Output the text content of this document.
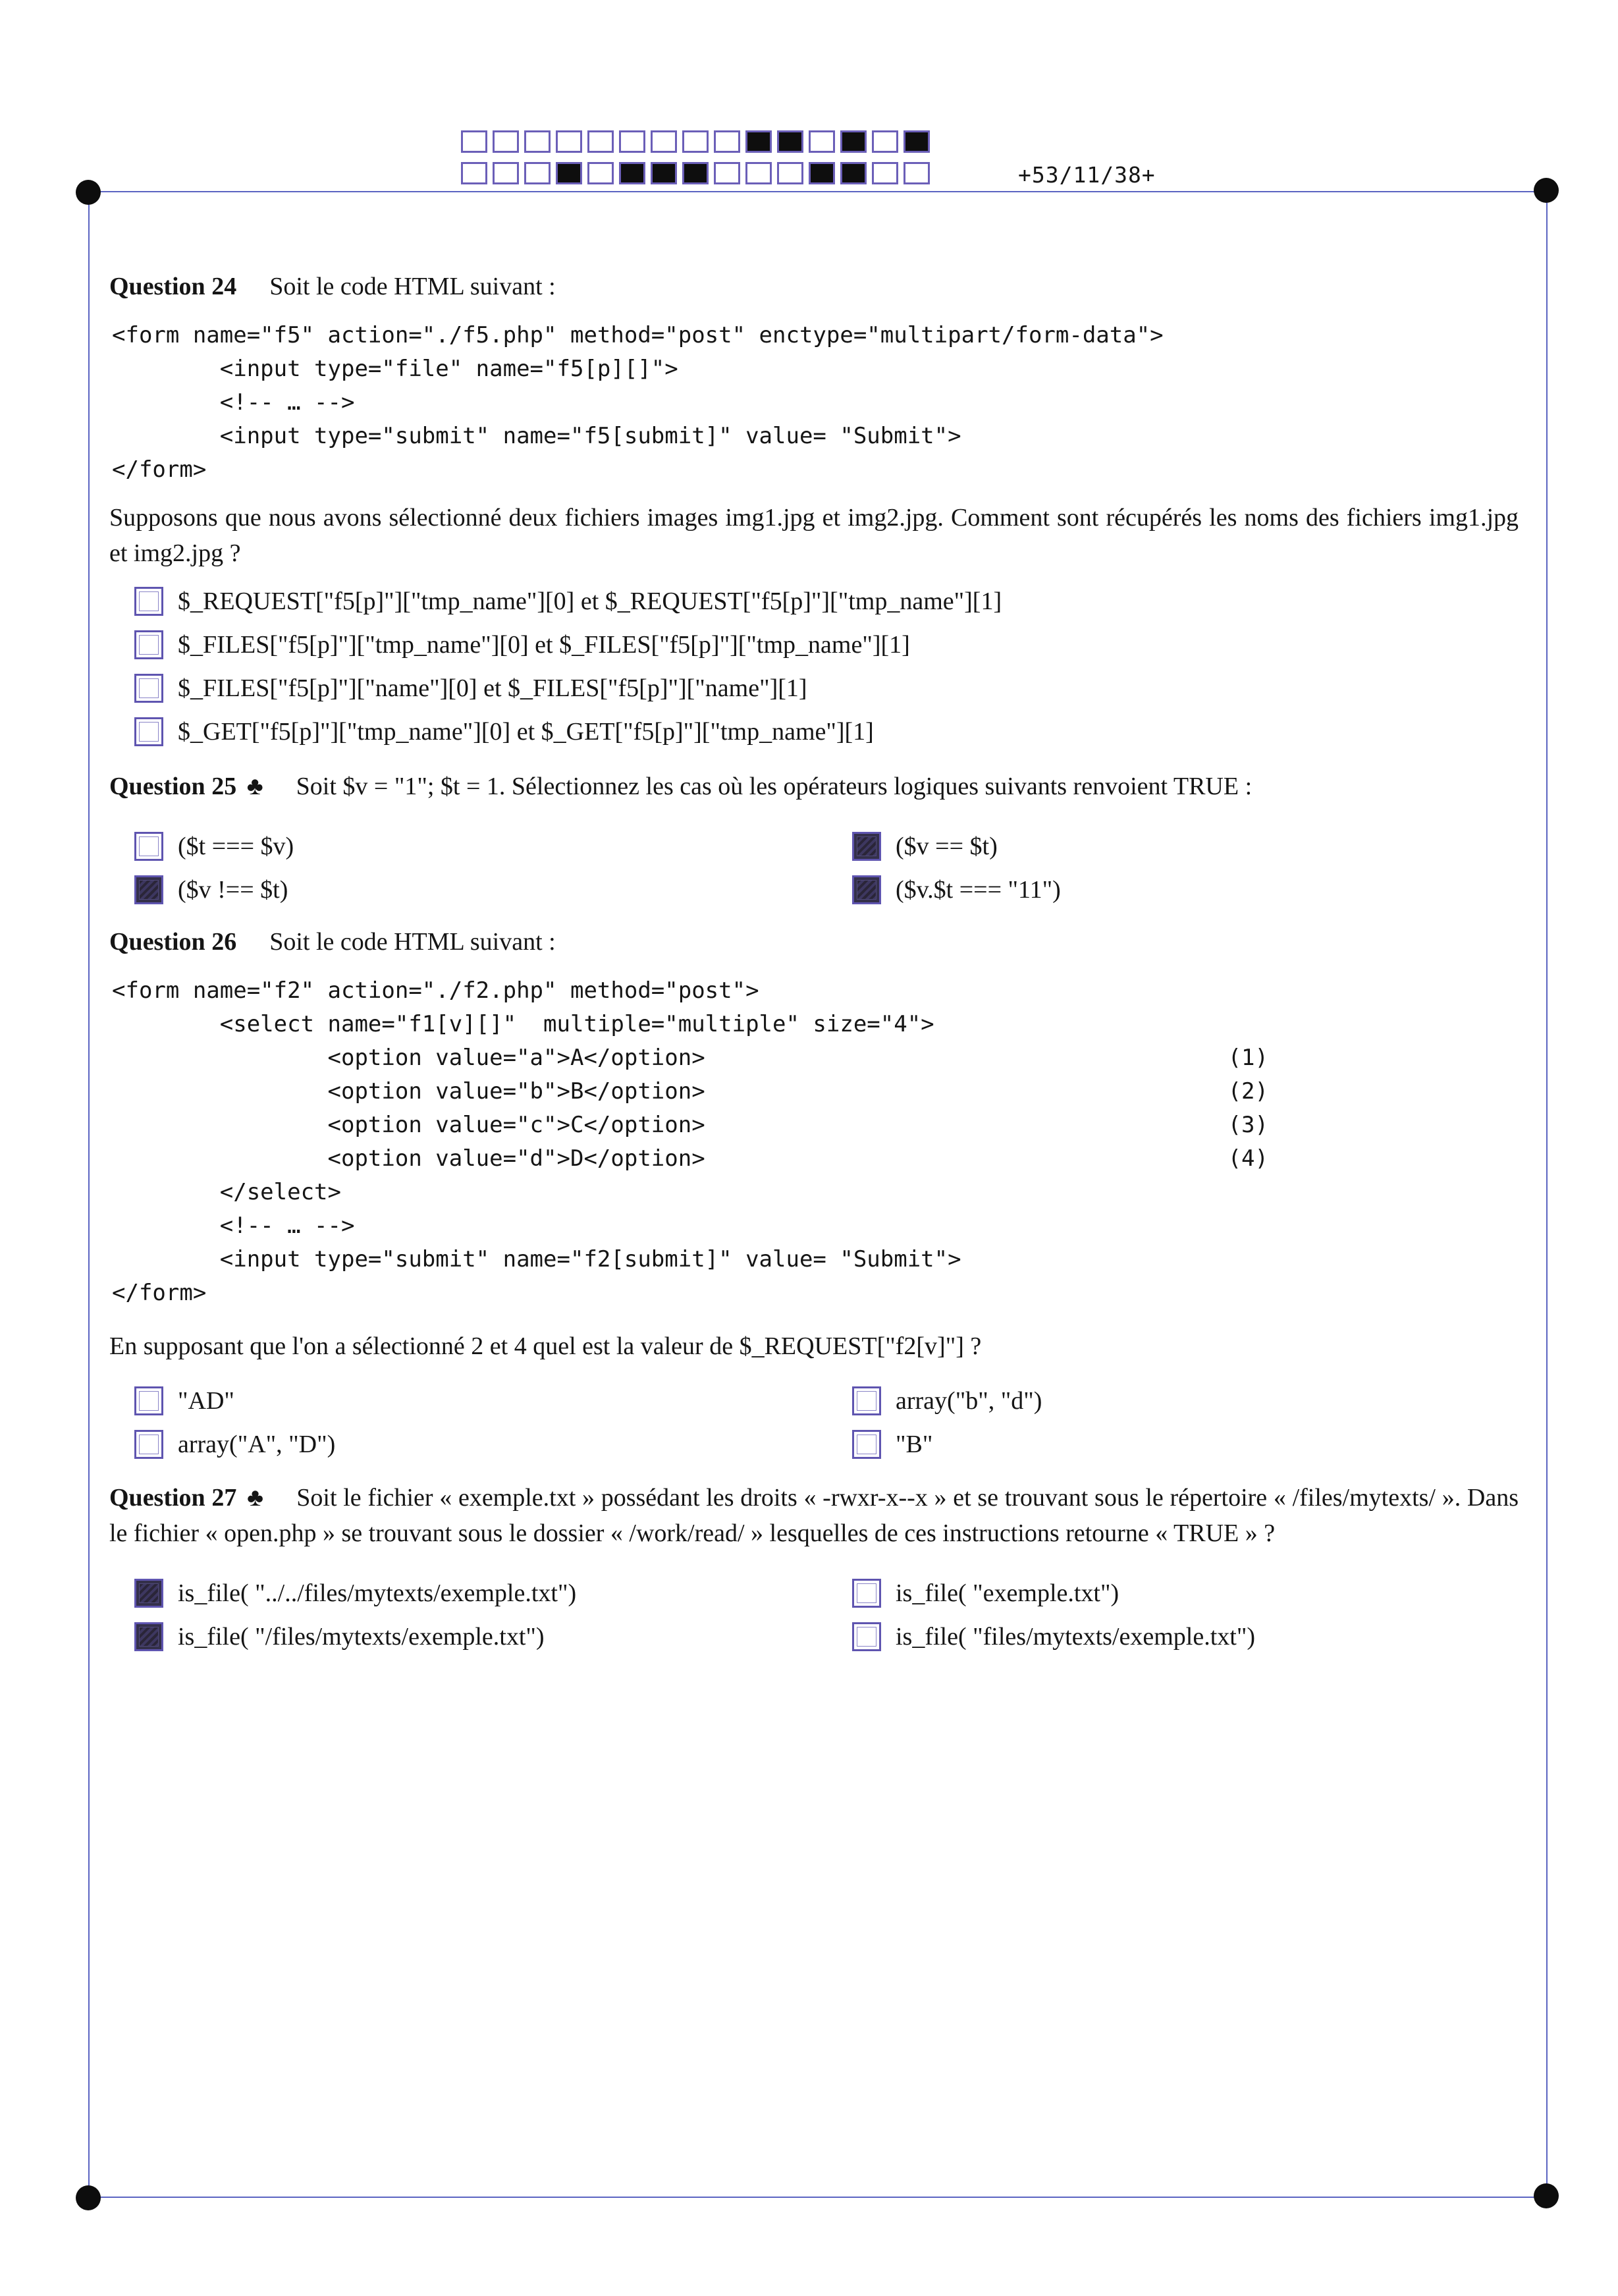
+53/11/38+

Question 24 Soit le code HTML suivant :

<form name="f5" action="./f5.php" method="post" enctype="multipart/form-data">
<input type="file" name="f5[p][]">
<!-- … -->
<input type="submit" name="f5[submit]" value= "Submit">
</form>

Supposons que nous avons sélectionné deux fichiers images img1.jpg et img2.jpg. Comment sont récupérés les noms des fichiers img1.jpg et img2.jpg ?

$_REQUEST["f5[p]"]["tmp_name"][0] et $_REQUEST["f5[p]"]["tmp_name"][1]
$_FILES["f5[p]"]["tmp_name"][0] et $_FILES["f5[p]"]["tmp_name"][1]
$_FILES["f5[p]"]["name"][0] et $_FILES["f5[p]"]["name"][1]
$_GET["f5[p]"]["tmp_name"][0] et $_GET["f5[p]"]["tmp_name"][1]

Question 25 ♣ Soit $v = "1"; $t = 1. Sélectionnez les cas où les opérateurs logiques suivants renvoient TRUE :

($t === $v)	($v == $t)
($v !== $t)	($v.$t === "11")

Question 26 Soit le code HTML suivant :

<form name="f2" action="./f2.php" method="post">
<select name="f1[v][]"  multiple="multiple" size="4">
<option value="a">A</option>	(1)
<option value="b">B</option>	(2)
<option value="c">C</option>	(3)
<option value="d">D</option>	(4)
</select>
<!-- … -->
<input type="submit" name="f2[submit]" value= "Submit">
</form>

En supposant que l'on a sélectionné 2 et 4 quel est la valeur de $_REQUEST["f2[v]"] ?

"AD"	array("b", "d")
array("A", "D")	"B"

Question 27 ♣ Soit le fichier « exemple.txt » possédant les droits « -rwxr-x--x » et se trouvant sous le répertoire « /files/mytexts/ ». Dans le fichier « open.php » se trouvant sous le dossier « /work/read/ » lesquelles de ces instructions retourne « TRUE » ?

is_file( "../../files/mytexts/exemple.txt")	is_file( "exemple.txt")
is_file( "/files/mytexts/exemple.txt")	is_file( "files/mytexts/exemple.txt")
